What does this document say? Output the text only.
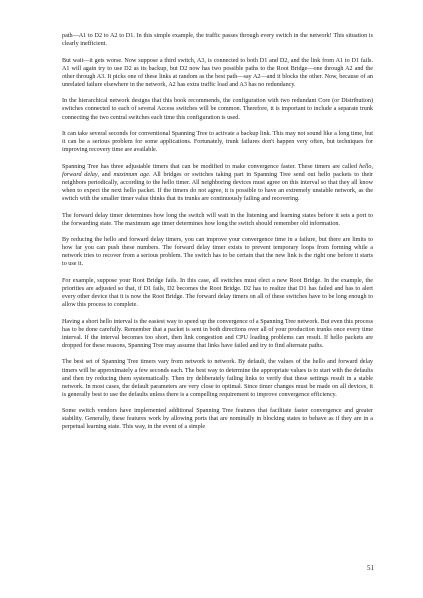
path—A1 to D2 to A2 to D1. In this simple example, the traffic passes through every switch in the network! This situation is clearly inefficient.

But wait—it gets worse. Now suppose a third switch, A3, is connected to both D1 and D2, and the link from A1 to D1 fails. A1 will again try to use D2 as its backup, but D2 now has two possible paths to the Root Bridge—one through A2 and the other through A3. It picks one of these links at random as the best path—say A2—and it blocks the other. Now, because of an unrelated failure elsewhere in the network, A2 has extra traffic load and A3 has no redundancy.

In the hierarchical network designs that this book recommends, the configuration with two redundant Core (or Distribution) switches connected to each of several Access switches will be common. Therefore, it is important to include a separate trunk connecting the two central switches each time this configuration is used.

It can take several seconds for conventional Spanning Tree to activate a backup link. This may not sound like a long time, but it can be a serious problem for some applications. Fortunately, trunk failures don't happen very often, but techniques for improving recovery time are available.

Spanning Tree has three adjustable timers that can be modified to make convergence faster. These timers are called hello, forward delay, and maximum age. All bridges or switches taking part in Spanning Tree send out hello packets to their neighbors periodically, according to the hello timer. All neighboring devices must agree on this interval so that they all know when to expect the next hello packet. If the timers do not agree, it is possible to have an extremely unstable network, as the switch with the smaller timer value thinks that its trunks are continuously failing and recovering.

The forward delay timer determines how long the switch will wait in the listening and learning states before it sets a port to the forwarding state. The maximum age timer determines how long the switch should remember old information.

By reducing the hello and forward delay timers, you can improve your convergence time in a failure, but there are limits to how far you can push these numbers. The forward delay timer exists to prevent temporary loops from forming while a network tries to recover from a serious problem. The switch has to be certain that the new link is the right one before it starts to use it.

For example, suppose your Root Bridge fails. In this case, all switches must elect a new Root Bridge. In the example, the priorities are adjusted so that, if D1 fails, D2 becomes the Root Bridge. D2 has to realize that D1 has failed and has to alert every other device that it is now the Root Bridge. The forward delay timers on all of these switches have to be long enough to allow this process to complete.

Having a short hello interval is the easiest way to speed up the convergence of a Spanning Tree network. But even this process has to be done carefully. Remember that a packet is sent in both directions over all of your production trunks once every time interval. If the interval becomes too short, then link congestion and CPU loading problems can result. If hello packets are dropped for these reasons, Spanning Tree may assume that links have failed and try to find alternate paths.

The best set of Spanning Tree timers vary from network to network. By default, the values of the hello and forward delay timers will be approximately a few seconds each. The best way to determine the appropriate values is to start with the defaults and then try reducing them systematically. Then try deliberately failing links to verify that these settings result in a stable network. In most cases, the default parameters are very close to optimal. Since timer changes must be made on all devices, it is generally best to use the defaults unless there is a compelling requirement to improve convergence efficiency.

Some switch vendors have implemented additional Spanning Tree features that facilitate faster convergence and greater stability. Generally, these features work by allowing ports that are nominally in blocking states to behave as if they are in a perpetual learning state. This way, in the event of a simple

51
